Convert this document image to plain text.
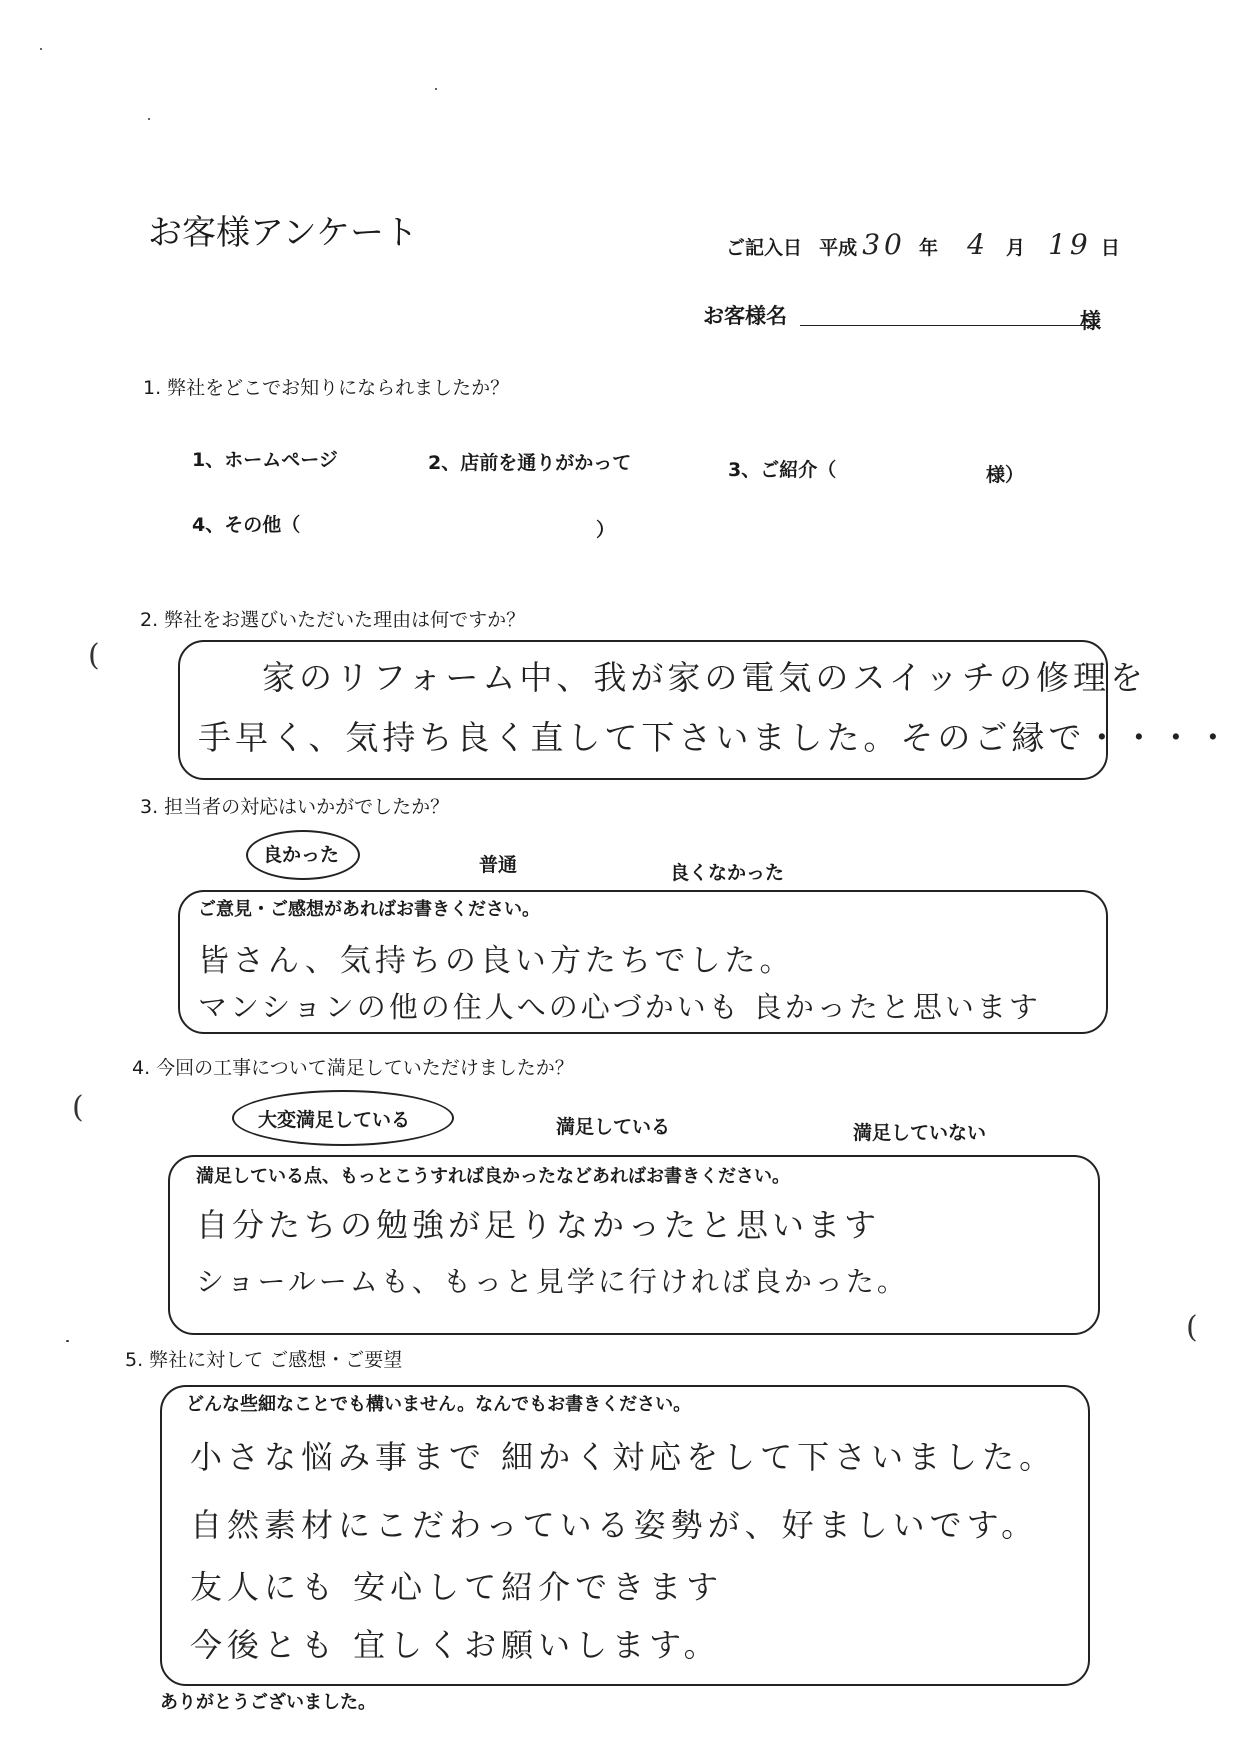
お客様アンケート	ご記入日 平成 30 年 4 月 19 日
お客様名	様
1. 弊社をどこでお知りになられましたか？
1、ホームページ	2、店前を通りがかって	3、ご紹介（	様）
4、その他（	）
2. 弊社をお選びいただいた理由は何ですか？
(
家のリフォーム中、我が家の電気のスイッチの修理を
手早く、気持ち良く直して下さいました。そのご縁で・・・・
3. 担当者の対応はいかがでしたか？
良かった	普通	良くなかった
ご意見・ご感想があればお書きください。
皆さん、気持ちの良い方たちでした。
マンションの他の住人への心づかいも 良かったと思います
4. 今回の工事について満足していただけましたか？
(	大変満足している	満足している	満足していない
満足している点、もっとこうすれば良かったなどあればお書きください。
自分たちの勉強が足りなかったと思います
ショールームも、もっと見学に行ければ良かった。
(
5. 弊社に対して ご感想・ご要望
どんな些細なことでも構いません。なんでもお書きください。
小さな悩み事まで 細かく対応をして下さいました。
自然素材にこだわっている姿勢が、好ましいです。
友人にも 安心して紹介できます
今後とも 宜しくお願いします。
ありがとうございました。
